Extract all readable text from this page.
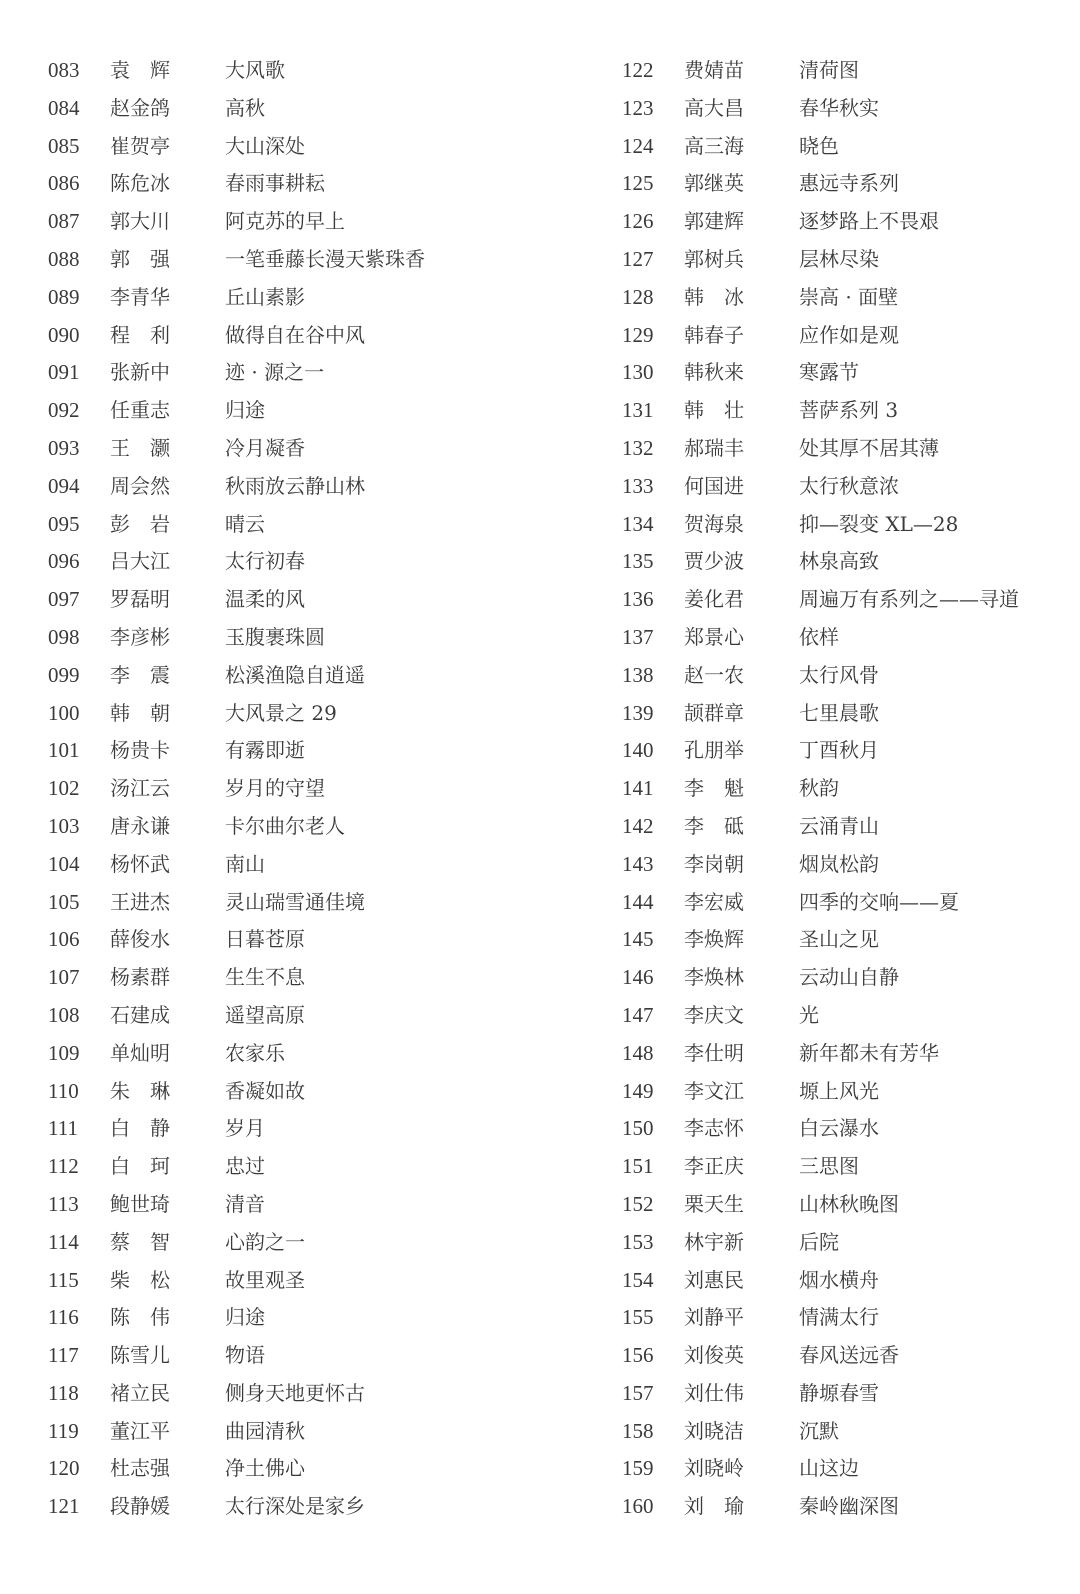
083 袁　辉	大风歌
084 赵金鸽	高秋
085 崔贺亭	大山深处
086 陈危冰	春雨事耕耘
087 郭大川	阿克苏的早上
088 郭　强	一笔垂藤长漫天紫珠香
089 李青华	丘山素影
090 程　利	做得自在谷中风
091 张新中	迹 · 源之一
092 任重志	归途
093 王　灏	冷月凝香
094 周会然	秋雨放云静山林
095 彭　岩	晴云
096 吕大江	太行初春
097 罗磊明	温柔的风
098 李彦彬	玉腹裹珠圆
099 李　震	松溪渔隐自逍遥
100 韩　朝	大风景之 29
101 杨贵卡	有霧即逝
102 汤江云	岁月的守望
103 唐永谦	卡尔曲尔老人
104 杨怀武	南山
105 王进杰	灵山瑞雪通佳境
106 薛俊水	日暮苍原
107 杨素群	生生不息
108 石建成	遥望高原
109 单灿明	农家乐
110 朱　琳	香凝如故
111 白　静	岁月
112 白　珂	忠过
113 鲍世琦	清音
114 蔡　智	心韵之一
115 柴　松	故里观圣
116 陈　伟	归途
117 陈雪儿	物语
118 褚立民	侧身天地更怀古
119 董江平	曲园清秋
120 杜志强	净土佛心
121 段静媛	太行深处是家乡
122 费婧苗	清荷图
123 高大昌	春华秋实
124 高三海	晓色
125 郭继英	惠远寺系列
126 郭建辉	逐梦路上不畏艰
127 郭树兵	层林尽染
128 韩　冰	崇高 · 面壁
129 韩春子	应作如是观
130 韩秋来	寒露节
131 韩　壮	菩萨系列 3
132 郝瑞丰	处其厚不居其薄
133 何国进	太行秋意浓
134 贺海泉	抑—裂变 XL—28
135 贾少波	林泉高致
136 姜化君	周遍万有系列之——寻道
137 郑景心	依样
138 赵一农	太行风骨
139 颉群章	七里晨歌
140 孔朋举	丁酉秋月
141 李　魁	秋韵
142 李　砥	云涌青山
143 李岗朝	烟岚松韵
144 李宏威	四季的交响——夏
145 李焕辉	圣山之见
146 李焕林	云动山自静
147 李庆文	光
148 李仕明	新年都未有芳华
149 李文江	塬上风光
150 李志怀	白云瀑水
151 李正庆	三思图
152 栗天生	山林秋晚图
153 林宇新	后院
154 刘惠民	烟水横舟
155 刘静平	情满太行
156 刘俊英	春风送远香
157 刘仕伟	静塬春雪
158 刘晓洁	沉默
159 刘晓岭	山这边
160 刘　瑜	秦岭幽深图
